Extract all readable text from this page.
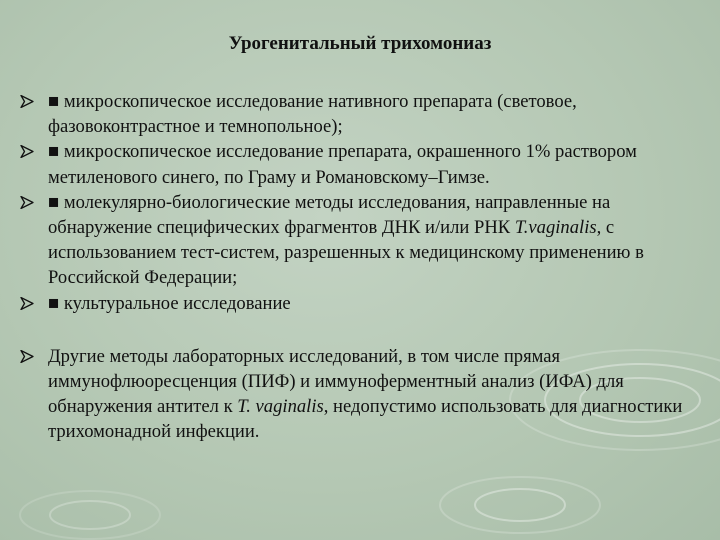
Урогенитальный трихомониаз
■ микроскопическое исследование нативного препарата (световое, фазовоконтрастное и темнопольное);
■ микроскопическое исследование препарата, окрашенного 1% раствором метиленового синего, по Граму и Романовскому–Гимзе.
■ молекулярно-биологические методы исследования, направленные на обнаружение специфических фрагментов ДНК и/или РНК T.vaginalis, с использованием тест-систем, разрешенных к медицинскому применению в Российской Федерации;
■ культуральное исследование
Другие методы лабораторных исследований, в том числе прямая иммунофлюоресценция (ПИФ) и иммуноферментный анализ (ИФА) для обнаружения антител к T. vaginalis, недопустимо использовать для диагностики трихомонадной инфекции.
